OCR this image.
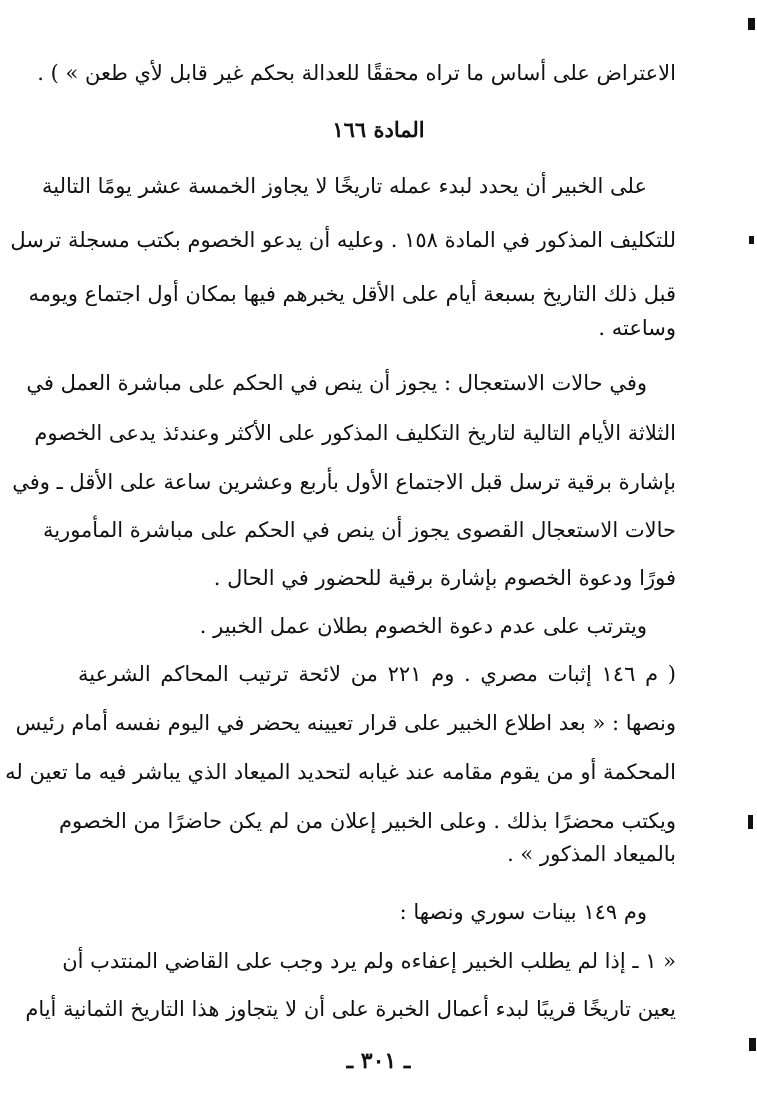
الاعتراض على أساس ما تراه محققًا للعدالة بحكم غير قابل لأي طعن » ) .
المادة ١٦٦
على الخبير أن يحدد لبدء عمله تاريخًا لا يجاوز الخمسة عشر يومًا التالية
للتكليف المذكور في المادة ١٥٨ . وعليه أن يدعو الخصوم بكتب مسجلة ترسل
قبل ذلك التاريخ بسبعة أيام على الأقل يخبرهم فيها بمكان أول اجتماع ويومه
وساعته .
وفي حالات الاستعجال : يجوز أن ينص في الحكم على مباشرة العمل في
الثلاثة الأيام التالية لتاريخ التكليف المذكور على الأكثر وعندئذ يدعى الخصوم
بإشارة برقية ترسل قبل الاجتماع الأول بأربع وعشرين ساعة على الأقل ـ وفي
حالات الاستعجال القصوى يجوز أن ينص في الحكم على مباشرة المأمورية
فورًا ودعوة الخصوم بإشارة برقية للحضور في الحال .
ويترتب على عدم دعوة الخصوم بطلان عمل الخبير .
( م ١٤٦ إثبات مصري . وم ٢٢١ من لائحة ترتيب المحاكم الشرعية
ونصها : « بعد اطلاع الخبير على قرار تعيينه يحضر في اليوم نفسه أمام رئيس
المحكمة أو من يقوم مقامه عند غيابه لتحديد الميعاد الذي يباشر فيه ما تعين له
ويكتب محضرًا بذلك . وعلى الخبير إعلان من لم يكن حاضرًا من الخصوم
بالميعاد المذكور » .
وم ١٤٩ بينات سوري ونصها :
« ١ ـ إذا لم يطلب الخبير إعفاءه ولم يرد وجب على القاضي المنتدب أن
يعين تاريخًا قريبًا لبدء أعمال الخبرة على أن لا يتجاوز هذا التاريخ الثمانية أيام
ـ ٣٠١ ـ
